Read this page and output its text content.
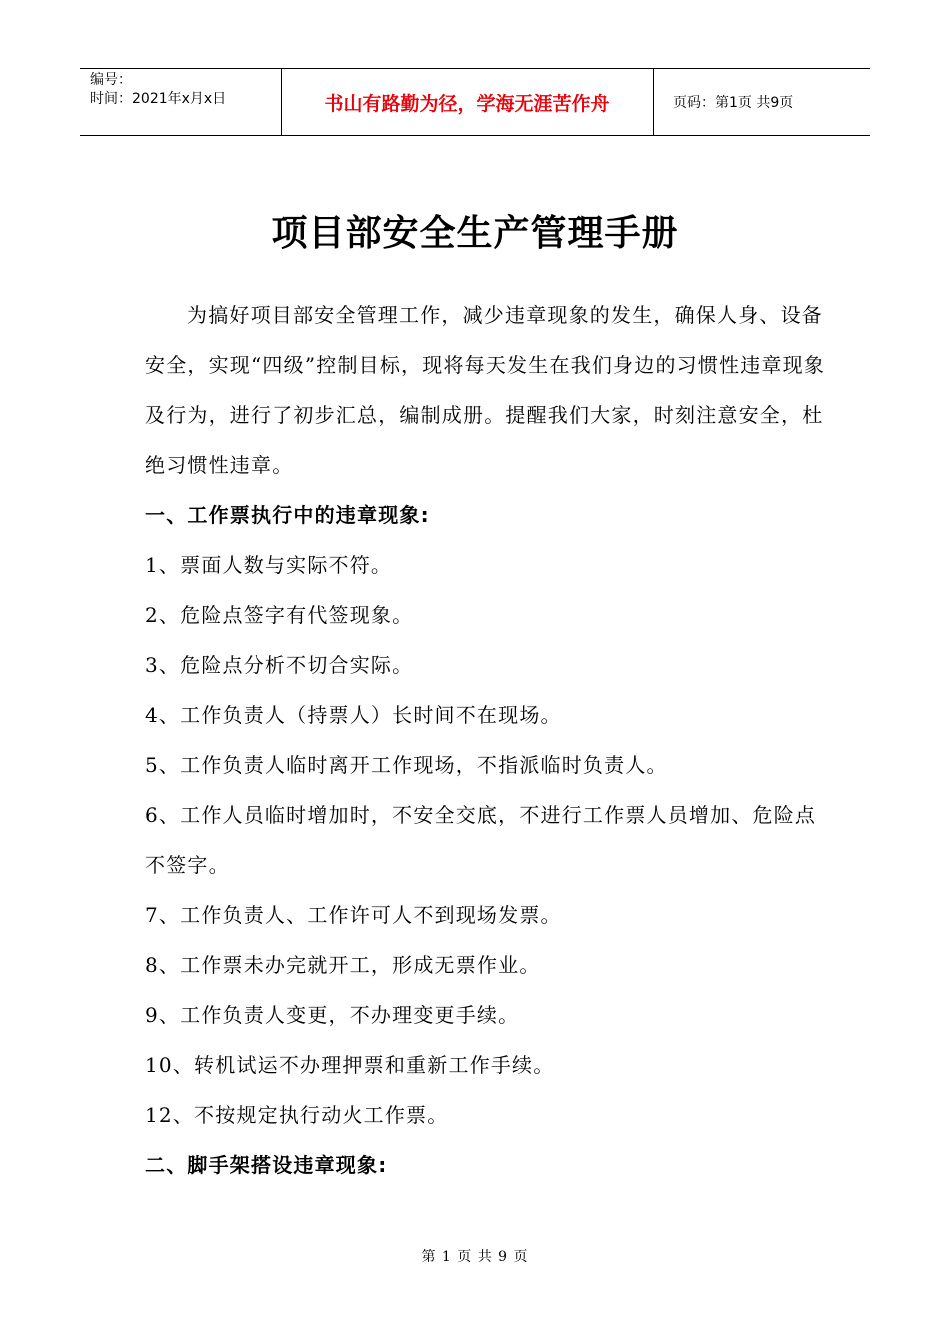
编号：
时间：2021年x月x日	书山有路勤为径，学海无涯苦作舟	页码：第1页 共9页
项目部安全生产管理手册

为搞好项目部安全管理工作，减少违章现象的发生，确保人身、设备安全，实现“四级”控制目标，现将每天发生在我们身边的习惯性违章现象及行为，进行了初步汇总，编制成册。提醒我们大家，时刻注意安全，杜绝习惯性违章。

一、工作票执行中的违章现象:

1、票面人数与实际不符。

2、危险点签字有代签现象。

3、危险点分析不切合实际。

4、工作负责人（持票人）长时间不在现场。

5、工作负责人临时离开工作现场，不指派临时负责人。

6、工作人员临时增加时，不安全交底，不进行工作票人员增加、危险点不签字。

7、工作负责人、工作许可人不到现场发票。

8、工作票未办完就开工，形成无票作业。

9、工作负责人变更，不办理变更手续。

10、转机试运不办理押票和重新工作手续。

12、不按规定执行动火工作票。

二、脚手架搭设违章现象:

第 1 页 共 9 页
